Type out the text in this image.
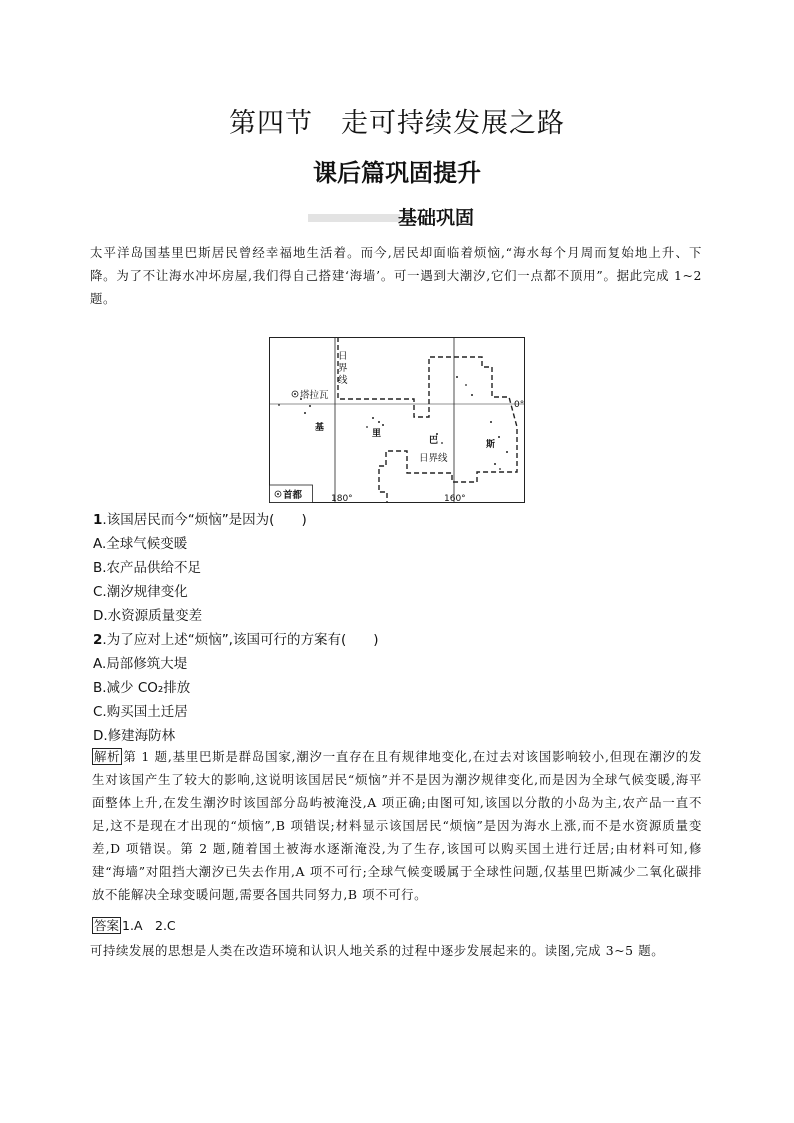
第四节　走可持续发展之路
课后篇巩固提升
基础巩固
太平洋岛国基里巴斯居民曾经幸福地生活着。而今,居民却面临着烦恼,“海水每个月周而复始地上升、下降。为了不让海水冲坏房屋,我们得自己搭建‘海墙’。可一遇到大潮汐,它们一点都不顶用”。据此完成 1~2 题。
塔拉瓦
日界线
基
里
巴	斯
日界线
0°
180°	160°
首都
1.该国居民而今“烦恼”是因为(　　)
A.全球气候变暖
B.农产品供给不足
C.潮汐规律变化
D.水资源质量变差
2.为了应对上述“烦恼”,该国可行的方案有(　　)
A.局部修筑大堤
B.减少 CO₂排放
C.购买国土迁居
D.修建海防林
解析 第 1 题,基里巴斯是群岛国家,潮汐一直存在且有规律地变化,在过去对该国影响较小,但现在潮汐的发生对该国产生了较大的影响,这说明该国居民“烦恼”并不是因为潮汐规律变化,而是因为全球气候变暖,海平面整体上升,在发生潮汐时该国部分岛屿被淹没,A 项正确;由图可知,该国以分散的小岛为主,农产品一直不足,这不是现在才出现的“烦恼”,B 项错误;材料显示该国居民“烦恼”是因为海水上涨,而不是水资源质量变差,D 项错误。第 2 题,随着国土被海水逐渐淹没,为了生存,该国可以购买国土进行迁居;由材料可知,修建“海墙”对阻挡大潮汐已失去作用,A 项不可行;全球气候变暖属于全球性问题,仅基里巴斯减少二氧化碳排放不能解决全球变暖问题,需要各国共同努力,B 项不可行。
答案 1.A　2.C
可持续发展的思想是人类在改造环境和认识人地关系的过程中逐步发展起来的。读图,完成 3~5 题。
